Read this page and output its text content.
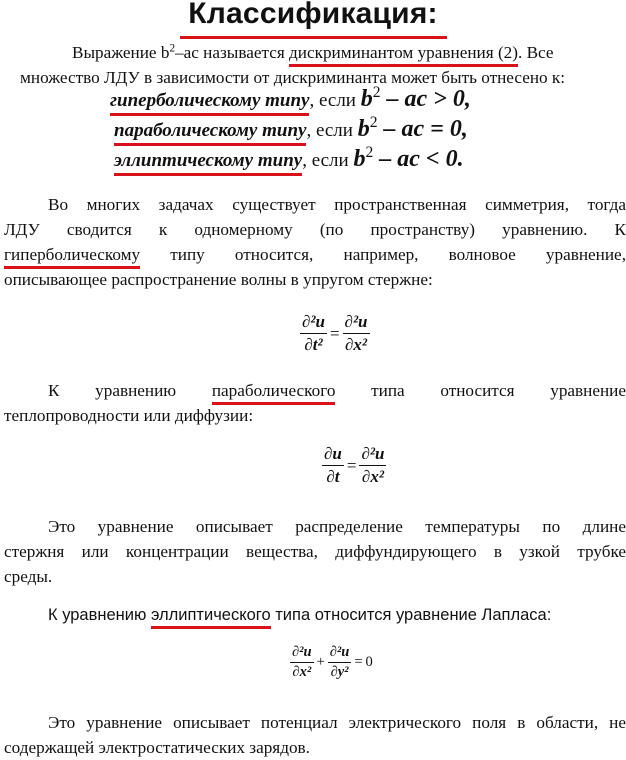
Классификация:
Выражение $b^2-ас$ называется дискриминантом уравнения (2). Все
множество ЛДУ в зависимости от дискриминанта может быть отнесено к:
гиперболическому типу, если $b^2$ – ac > 0,
параболическому типу, если $b^2$ – ac = 0,
эллиптическому типу, если $b^2$ – ac < 0.
Во многих задачах существует пространственная симметрия, тогда
ЛДУ сводится к одномерному (по пространству) уравнению. К
гиперболическому типу относится, например, волновое уравнение,
описывающее распространение волны в упругом стержне:
$\frac{\text{∂²u}}{\text{∂t²}} = \frac{\text{∂²u}}{\text{∂x²}}$
К уравнению параболического типа относится уравнение
теплопроводности или диффузии:
$\frac{\partial u}{\partial t} = \frac{\text{∂²u}}{\text{∂x²}}$
Это уравнение описывает распределение температуры по длине
стержня или концентрации вещества, диффундирующего в узкой трубке
среды.
К уравнению эллиптического типа относится уравнение Лапласа:
$\frac{\text{∂²u}}{\text{∂x²}} + \frac{\text{∂²u}}{\text{∂y²}} = 0$
Это уравнение описывает потенциал электрического поля в области, не
содержащей электростатических зарядов.
